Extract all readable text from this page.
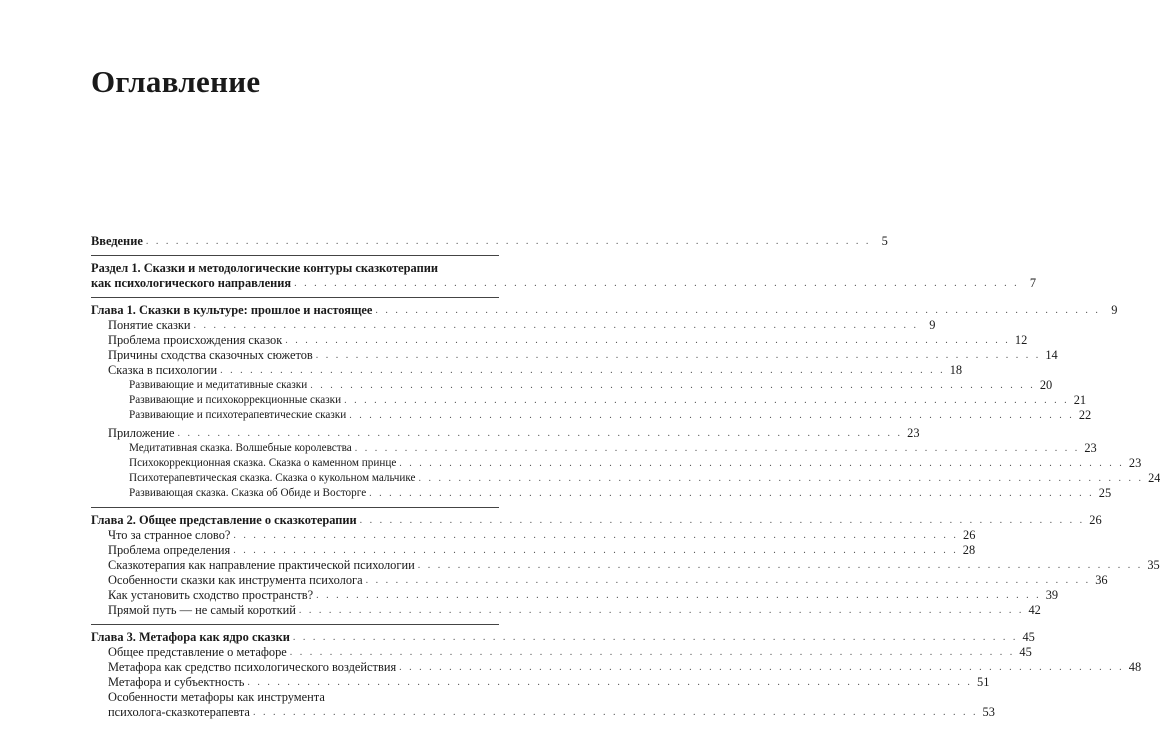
Оглавление
Введение . . .	5
Раздел 1. Сказки и методологические контуры сказкотерапии
как психологического направления . . .	7
Глава 1. Сказки в культуре: прошлое и настоящее . . .	9
Понятие сказки . . .	9
Проблема происхождения сказок . . .	12
Причины сходства сказочных сюжетов . . .	14
Сказка в психологии . . .	18
Развивающие и медитативные сказки . . .	20
Развивающие и психокоррекционные сказки . . .	21
Развивающие и психотерапевтические сказки . . .	22
Приложение . . .	23
Медитативная сказка. Волшебные королевства . . .	23
Психокоррекционная сказка. Сказка о каменном принце . . .	23
Психотерапевтическая сказка. Сказка о кукольном мальчике . . .	24
Развивающая сказка. Сказка об Обиде и Восторге . . .	25
Глава 2. Общее представление о сказкотерапии . . .	26
Что за странное слово? . . .	26
Проблема определения . . .	28
Сказкотерапия как направление практической психологии . . .	35
Особенности сказки как инструмента психолога . . .	36
Как установить сходство пространств? . . .	39
Прямой путь — не самый короткий . . .	42
Глава 3. Метафора как ядро сказки . . .	45
Общее представление о метафоре . . .	45
Метафора как средство психологического воздействия . . .	48
Метафора и субъектность . . .	51
Особенности метафоры как инструмента
психолога-сказкотерапевта . . .	53
